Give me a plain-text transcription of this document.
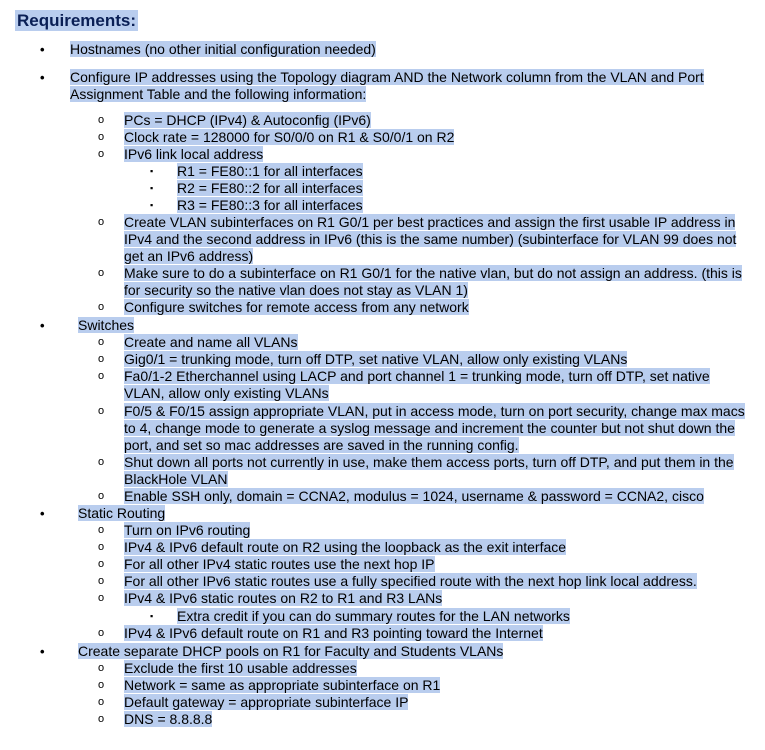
Requirements:
• Hostnames (no other initial configuration needed)
• Configure IP addresses using the Topology diagram AND the Network column from the VLAN and Port Assignment Table and the following information:
o PCs = DHCP (IPv4) & Autoconfig (IPv6)
o Clock rate = 128000 for S0/0/0 on R1 & S0/0/1 on R2
o IPv6 link local address
▪ R1 = FE80::1 for all interfaces
▪ R2 = FE80::2 for all interfaces
▪ R3 = FE80::3 for all interfaces
o Create VLAN subinterfaces on R1 G0/1 per best practices and assign the first usable IP address in IPv4 and the second address in IPv6 (this is the same number) (subinterface for VLAN 99 does not get an IPv6 address)
o Make sure to do a subinterface on R1 G0/1 for the native vlan, but do not assign an address. (this is for security so the native vlan does not stay as VLAN 1)
o Configure switches for remote access from any network
• Switches
o Create and name all VLANs
o Gig0/1 = trunking mode, turn off DTP, set native VLAN, allow only existing VLANs
o Fa0/1-2 Etherchannel using LACP and port channel 1 = trunking mode, turn off DTP, set native VLAN, allow only existing VLANs
o F0/5 & F0/15 assign appropriate VLAN, put in access mode, turn on port security, change max macs to 4, change mode to generate a syslog message and increment the counter but not shut down the port, and set so mac addresses are saved in the running config.
o Shut down all ports not currently in use, make them access ports, turn off DTP, and put them in the BlackHole VLAN
o Enable SSH only, domain = CCNA2, modulus = 1024, username & password = CCNA2, cisco
• Static Routing
o Turn on IPv6 routing
o IPv4 & IPv6 default route on R2 using the loopback as the exit interface
o For all other IPv4 static routes use the next hop IP
o For all other IPv6 static routes use a fully specified route with the next hop link local address.
o IPv4 & IPv6 static routes on R2 to R1 and R3 LANs
▪ Extra credit if you can do summary routes for the LAN networks
o IPv4 & IPv6 default route on R1 and R3 pointing toward the Internet
• Create separate DHCP pools on R1 for Faculty and Students VLANs
o Exclude the first 10 usable addresses
o Network = same as appropriate subinterface on R1
o Default gateway = appropriate subinterface IP
o DNS = 8.8.8.8
